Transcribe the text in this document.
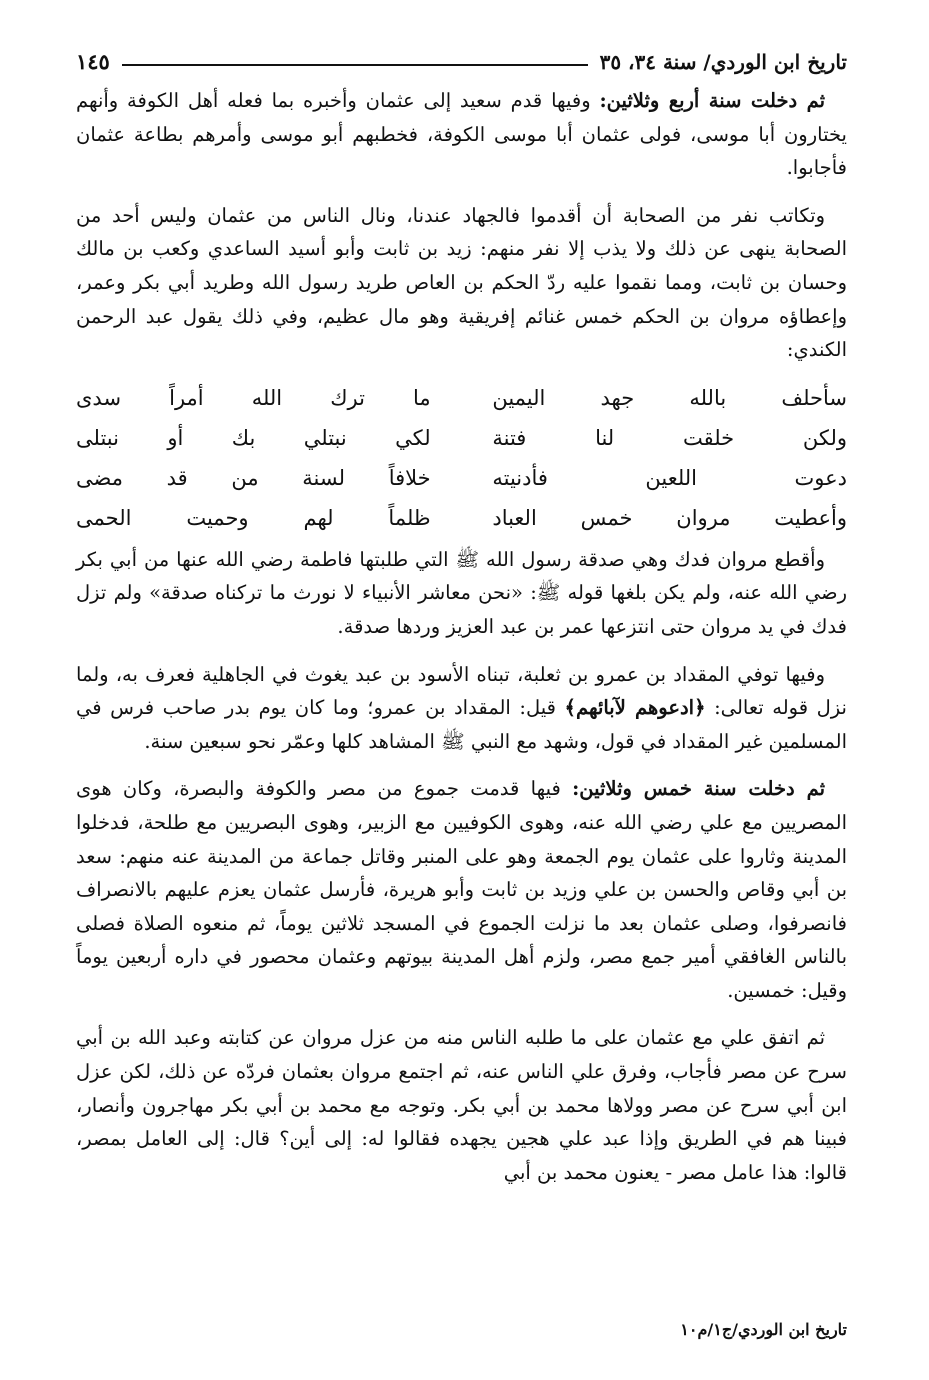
تاريخ ابن الوردي/ سنة ٣٤، ٣٥
١٤٥

ثم دخلت سنة أربع وثلاثين: وفيها قدم سعيد إلى عثمان وأخبره بما فعله أهل الكوفة وأنهم يختارون أبا موسى، فولى عثمان أبا موسى الكوفة، فخطبهم أبو موسى وأمرهم بطاعة عثمان فأجابوا.

وتكاتب نفر من الصحابة أن أقدموا فالجهاد عندنا، ونال الناس من عثمان وليس أحد من الصحابة ينهى عن ذلك ولا يذب إلا نفر منهم: زيد بن ثابت وأبو أسيد الساعدي وكعب بن مالك وحسان بن ثابت، ومما نقموا عليه ردّ الحكم بن العاص طريد رسول الله وطريد أبي بكر وعمر، وإعطاؤه مروان بن الحكم خمس غنائم إفريقية وهو مال عظيم، وفي ذلك يقول عبد الرحمن الكندي:

سأحلف بالله جهد اليمين
ما ترك الله أمراً سدى
ولكن خلقت لنا فتنة
لكي نبتلي بك أو نبتلى
دعوت اللعين فأدنيته
خلافاً لسنة من قد مضى
وأعطيت مروان خمس العباد
ظلماً لهم وحميت الحمى

وأقطع مروان فدك وهي صدقة رسول الله ﷺ التي طلبتها فاطمة رضي الله عنها من أبي بكر رضي الله عنه، ولم يكن بلغها قوله ﷺ: «نحن معاشر الأنبياء لا نورث ما تركناه صدقة» ولم تزل فدك في يد مروان حتى انتزعها عمر بن عبد العزيز وردها صدقة.

وفيها توفي المقداد بن عمرو بن ثعلبة، تبناه الأسود بن عبد يغوث في الجاهلية فعرف به، ولما نزل قوله تعالى: ﴿ادعوهم لآبائهم﴾ قيل: المقداد بن عمرو؛ وما كان يوم بدر صاحب فرس في المسلمين غير المقداد في قول، وشهد مع النبي ﷺ المشاهد كلها وعمّر نحو سبعين سنة.

ثم دخلت سنة خمس وثلاثين: فيها قدمت جموع من مصر والكوفة والبصرة، وكان هوى المصريين مع علي رضي الله عنه، وهوى الكوفيين مع الزبير، وهوى البصريين مع طلحة، فدخلوا المدينة وثاروا على عثمان يوم الجمعة وهو على المنبر وقاتل جماعة من المدينة عنه منهم: سعد بن أبي وقاص والحسن بن علي وزيد بن ثابت وأبو هريرة، فأرسل عثمان يعزم عليهم بالانصراف فانصرفوا، وصلى عثمان بعد ما نزلت الجموع في المسجد ثلاثين يوماً، ثم منعوه الصلاة فصلى بالناس الغافقي أمير جمع مصر، ولزم أهل المدينة بيوتهم وعثمان محصور في داره أربعين يوماً وقيل: خمسين.

ثم اتفق علي مع عثمان على ما طلبه الناس منه من عزل مروان عن كتابته وعبد الله بن أبي سرح عن مصر فأجاب، وفرق علي الناس عنه، ثم اجتمع مروان بعثمان فردّه عن ذلك، لكن عزل ابن أبي سرح عن مصر وولاها محمد بن أبي بكر. وتوجه مع محمد بن أبي بكر مهاجرون وأنصار، فبينا هم في الطريق وإذا عبد علي هجين يجهده فقالوا له: إلى أين؟ قال: إلى العامل بمصر، قالوا: هذا عامل مصر - يعنون محمد بن أبي

تاريخ ابن الوردي/ج١/م١٠
